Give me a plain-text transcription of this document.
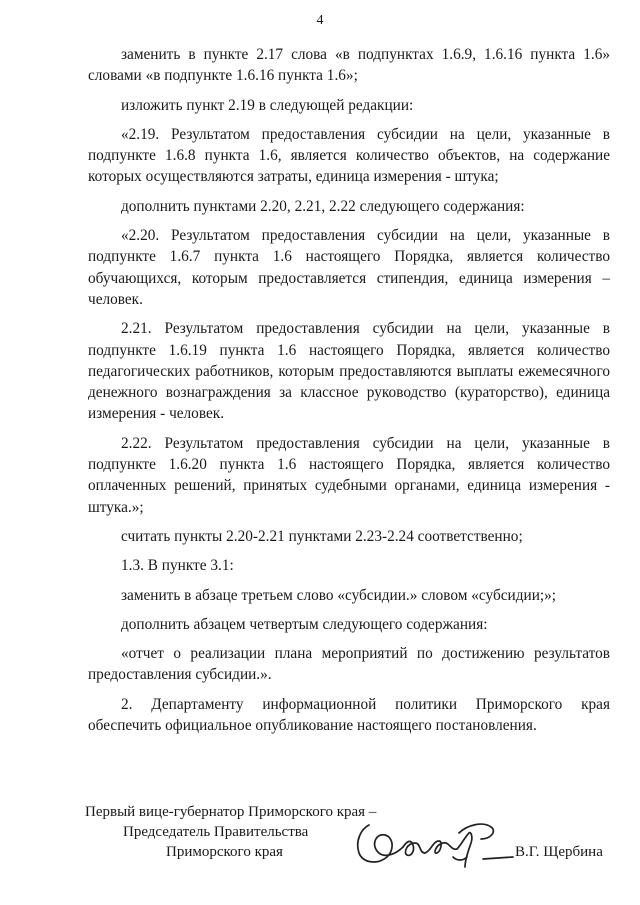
4

заменить в пункте 2.17 слова «в подпунктах 1.6.9, 1.6.16 пункта 1.6» словами «в подпункте 1.6.16 пункта 1.6»;

изложить пункт 2.19 в следующей редакции:

«2.19. Результатом предоставления субсидии на цели, указанные в подпункте 1.6.8 пункта 1.6, является количество объектов, на содержание которых осуществляются затраты, единица измерения - штука;

дополнить пунктами 2.20, 2.21, 2.22 следующего содержания:

«2.20. Результатом предоставления субсидии на цели, указанные в подпункте 1.6.7 пункта 1.6 настоящего Порядка, является количество обучающихся, которым предоставляется стипендия, единица измерения – человек.

2.21. Результатом предоставления субсидии на цели, указанные в подпункте 1.6.19 пункта 1.6 настоящего Порядка, является количество педагогических работников, которым предоставляются выплаты ежемесячного денежного вознаграждения за классное руководство (кураторство), единица измерения - человек.

2.22. Результатом предоставления субсидии на цели, указанные в подпункте 1.6.20 пункта 1.6 настоящего Порядка, является количество оплаченных решений, принятых судебными органами, единица измерения - штука.»;

считать пункты 2.20-2.21 пунктами 2.23-2.24 соответственно;

1.3. В пункте 3.1:

заменить в абзаце третьем слово «субсидии.» словом «субсидии;»;

дополнить абзацем четвертым следующего содержания:

«отчет о реализации плана мероприятий по достижению результатов предоставления субсидии.».

2. Департаменту информационной политики Приморского края обеспечить официальное опубликование настоящего постановления.

Первый вице-губернатор Приморского края –
Председатель Правительства
Приморского края	В.Г. Щербина
